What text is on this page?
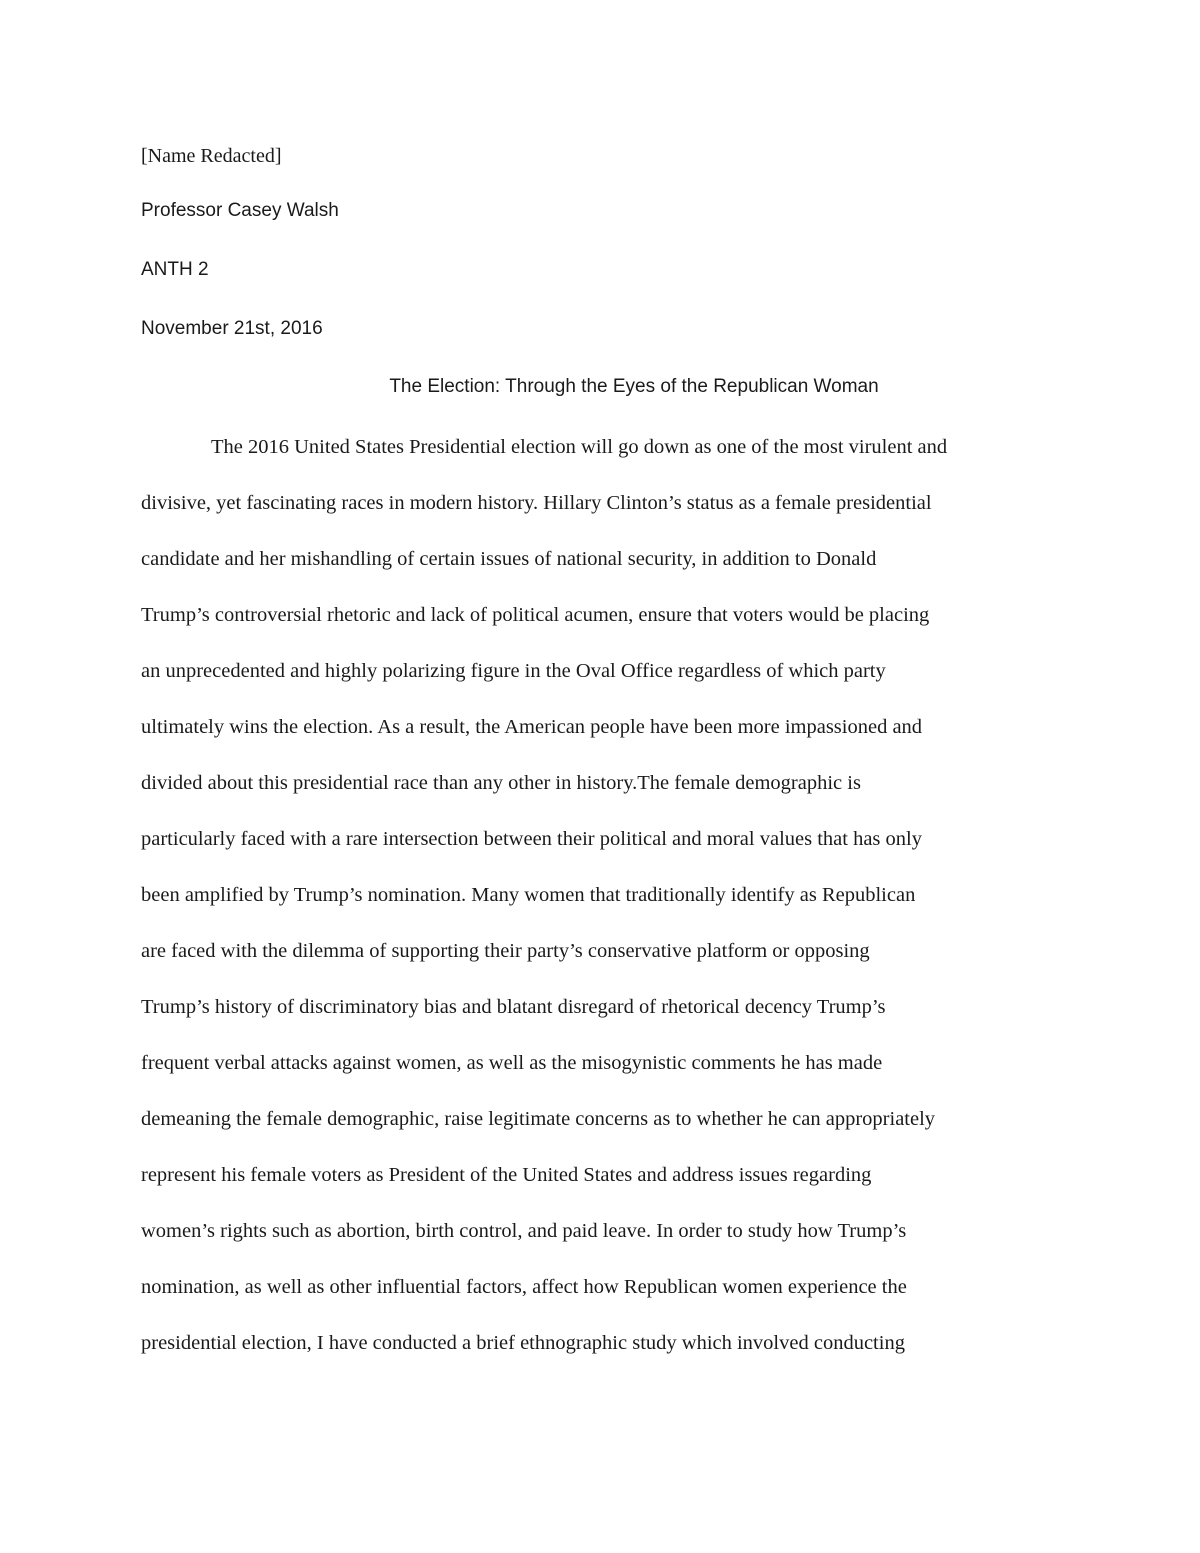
[Name Redacted]
Professor Casey Walsh
ANTH 2
November 21st, 2016
The Election: Through the Eyes of the Republican Woman
The 2016 United States Presidential election will go down as one of the most virulent and
divisive, yet fascinating races in modern history. Hillary Clinton’s status as a female presidential
candidate and her mishandling of certain issues of national security, in addition to Donald
Trump’s controversial rhetoric and lack of political acumen, ensure that voters would be placing
an unprecedented and highly polarizing figure in the Oval Office regardless of which party
ultimately wins the election. As a result, the American people have been more impassioned and
divided about this presidential race than any other in history.The female demographic is
particularly faced with a rare intersection between their political and moral values that has only
been amplified by Trump’s nomination. Many women that traditionally identify as Republican
are faced with the dilemma of supporting their party’s conservative platform or opposing
Trump’s history of discriminatory bias and blatant disregard of rhetorical decency Trump’s
frequent verbal attacks against women, as well as the misogynistic comments he has made
demeaning the female demographic, raise legitimate concerns as to whether he can appropriately
represent his female voters as President of the United States and address issues regarding
women’s rights such as abortion, birth control, and paid leave. In order to study how Trump’s
nomination, as well as other influential factors, affect how Republican women experience the
presidential election, I have conducted a brief ethnographic study which involved conducting
